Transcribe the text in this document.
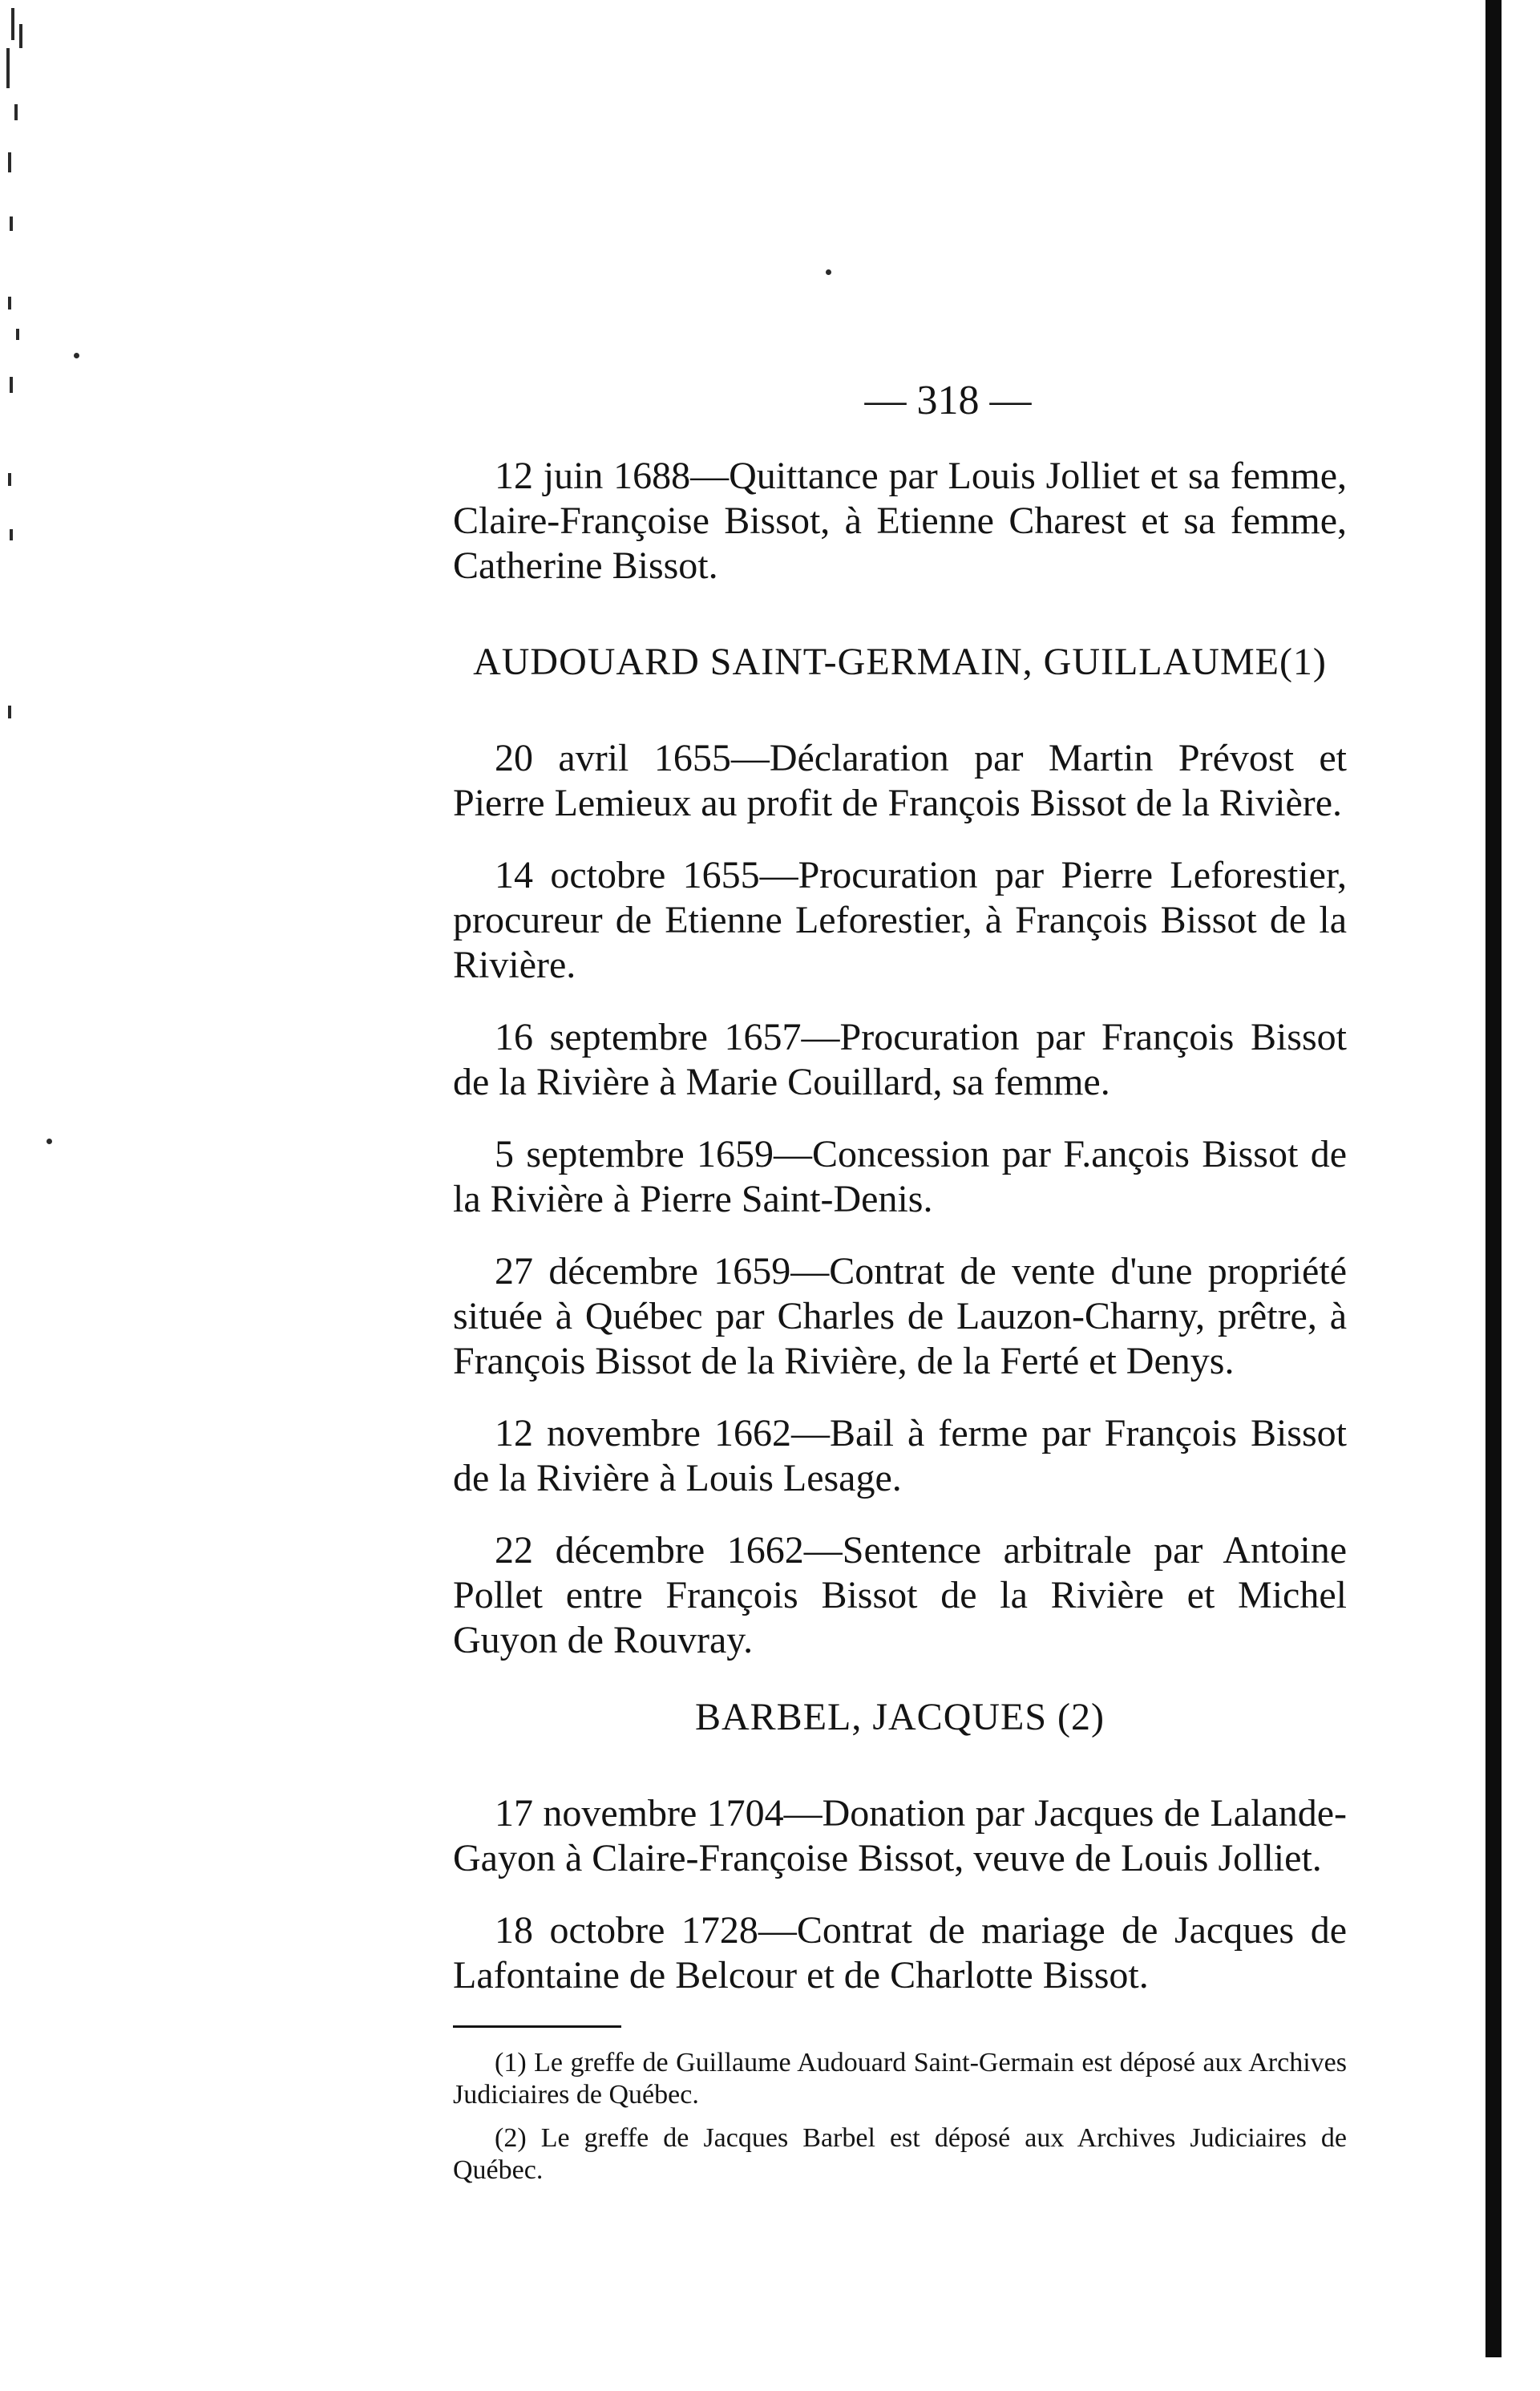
— 318 —

12 juin 1688—Quittance par Louis Jolliet et sa femme, Claire-Françoise Bissot, à Etienne Charest et sa femme, Catherine Bissot.

AUDOUARD SAINT-GERMAIN, GUILLAUME(1)

20 avril 1655—Déclaration par Martin Prévost et Pierre Lemieux au profit de François Bissot de la Rivière.

14 octobre 1655—Procuration par Pierre Leforestier, procureur de Etienne Leforestier, à François Bissot de la Rivière.

16 septembre 1657—Procuration par François Bissot de la Rivière à Marie Couillard, sa femme.

5 septembre 1659—Concession par F.ançois Bissot de la Rivière à Pierre Saint-Denis.

27 décembre 1659—Contrat de vente d'une propriété située à Québec par Charles de Lauzon-Charny, prêtre, à François Bissot de la Rivière, de la Ferté et Denys.

12 novembre 1662—Bail à ferme par François Bissot de la Rivière à Louis Lesage.

22 décembre 1662—Sentence arbitrale par Antoine Pollet entre François Bissot de la Rivière et Michel Guyon de Rouvray.

BARBEL, JACQUES (2)

17 novembre 1704—Donation par Jacques de Lalande-Gayon à Claire-Françoise Bissot, veuve de Louis Jolliet.

18 octobre 1728—Contrat de mariage de Jacques de Lafontaine de Belcour et de Charlotte Bissot.

(1) Le greffe de Guillaume Audouard Saint-Germain est déposé aux Archives Judiciaires de Québec.

(2) Le greffe de Jacques Barbel est déposé aux Archives Judiciaires de Québec.
